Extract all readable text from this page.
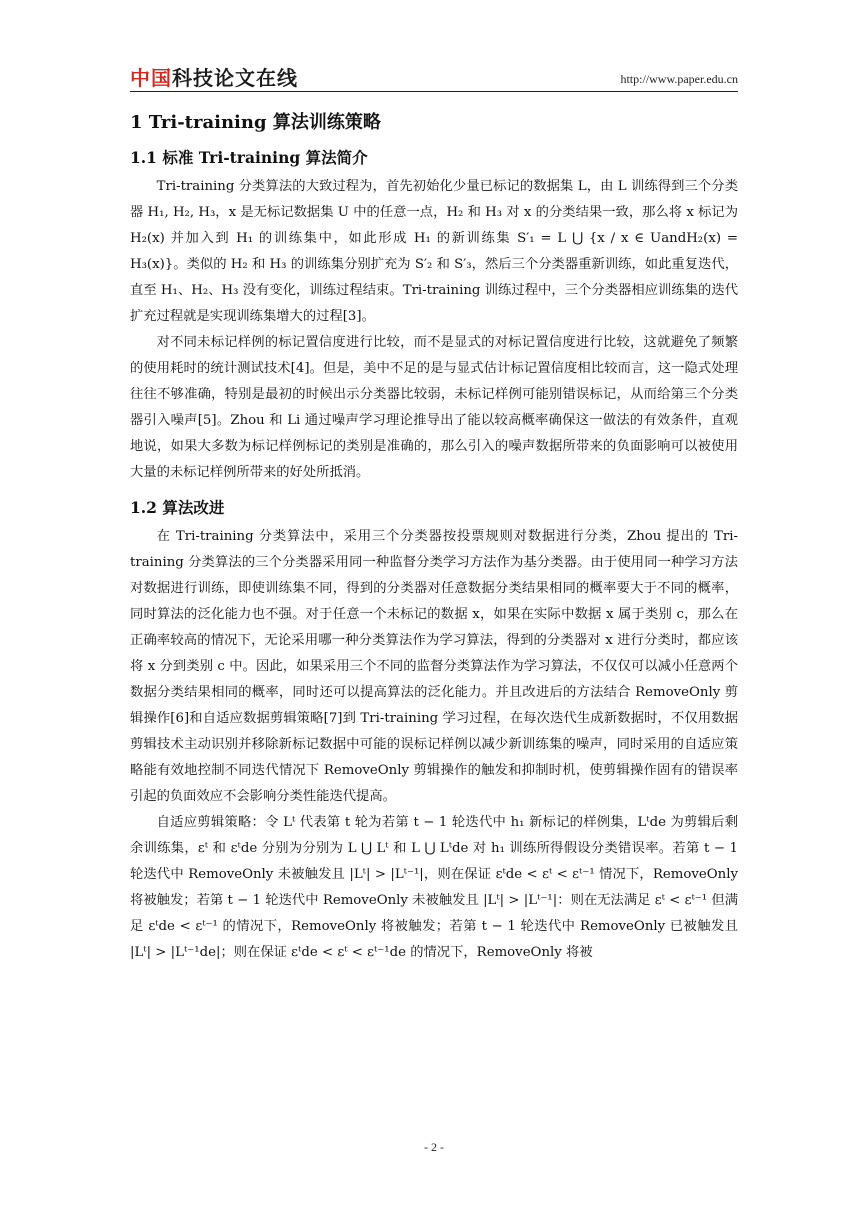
中国科技论文在线	http://www.paper.edu.cn
1 Tri-training 算法训练策略
1.1 标准 Tri-training 算法简介

Tri-training 分类算法的大致过程为，首先初始化少量已标记的数据集 L，由 L 训练得到三个分类器 H₁, H₂, H₃，x 是无标记数据集 U 中的任意一点，H₂ 和 H₃ 对 x 的分类结果一致，那么将 x 标记为 H₂(x) 并加入到 H₁ 的训练集中，如此形成 H₁ 的新训练集 S′₁ = L ⋃ {x / x ∈ UandH₂(x) = H₃(x)}。类似的 H₂ 和 H₃ 的训练集分别扩充为 S′₂ 和 S′₃，然后三个分类器重新训练，如此重复迭代，直至 H₁、H₂、H₃ 没有变化，训练过程结束。Tri-training 训练过程中，三个分类器相应训练集的迭代扩充过程就是实现训练集增大的过程[3]。

对不同未标记样例的标记置信度进行比较，而不是显式的对标记置信度进行比较，这就避免了频繁的使用耗时的统计测试技术[4]。但是，美中不足的是与显式估计标记置信度相比较而言，这一隐式处理往往不够准确，特别是最初的时候出示分类器比较弱，未标记样例可能别错误标记，从而给第三个分类器引入噪声[5]。Zhou 和 Li 通过噪声学习理论推导出了能以较高概率确保这一做法的有效条件，直观地说，如果大多数为标记样例标记的类别是准确的，那么引入的噪声数据所带来的负面影响可以被使用大量的未标记样例所带来的好处所抵消。

1.2 算法改进

在 Tri-training 分类算法中，采用三个分类器按投票规则对数据进行分类，Zhou 提出的 Tri-training 分类算法的三个分类器采用同一种监督分类学习方法作为基分类器。由于使用同一种学习方法对数据进行训练，即使训练集不同，得到的分类器对任意数据分类结果相同的概率要大于不同的概率，同时算法的泛化能力也不强。对于任意一个未标记的数据 x，如果在实际中数据 x 属于类别 c，那么在正确率较高的情况下，无论采用哪一种分类算法作为学习算法，得到的分类器对 x 进行分类时，都应该将 x 分到类别 c 中。因此，如果采用三个不同的监督分类算法作为学习算法，不仅仅可以减小任意两个数据分类结果相同的概率，同时还可以提高算法的泛化能力。并且改进后的方法结合 RemoveOnly 剪辑操作[6]和自适应数据剪辑策略[7]到 Tri-training 学习过程，在每次迭代生成新数据时，不仅用数据剪辑技术主动识别并移除新标记数据中可能的误标记样例以减少新训练集的噪声，同时采用的自适应策略能有效地控制不同迭代情况下 RemoveOnly 剪辑操作的触发和抑制时机，使剪辑操作固有的错误率引起的负面效应不会影响分类性能迭代提高。

自适应剪辑策略：令 Lᵗ 代表第 t 轮为若第 t − 1 轮迭代中 h₁ 新标记的样例集，Lᵗde 为剪辑后剩余训练集，εᵗ 和 εᵗde 分别为分别为 L ⋃ Lᵗ 和 L ⋃ Lᵗde 对 h₁ 训练所得假设分类错误率。若第 t − 1 轮迭代中 RemoveOnly 未被触发且 |Lᵗ| > |Lᵗ⁻¹|，则在保证 εᵗde < εᵗ < εᵗ⁻¹ 情况下，RemoveOnly 将被触发；若第 t − 1 轮迭代中 RemoveOnly 未被触发且 |Lᵗ| > |Lᵗ⁻¹|：则在无法满足 εᵗ < εᵗ⁻¹ 但满足 εᵗde < εᵗ⁻¹ 的情况下，RemoveOnly 将被触发；若第 t − 1 轮迭代中 RemoveOnly 已被触发且 |Lᵗ| > |Lᵗ⁻¹de|；则在保证 εᵗde < εᵗ < εᵗ⁻¹de 的情况下，RemoveOnly 将被

- 2 -
